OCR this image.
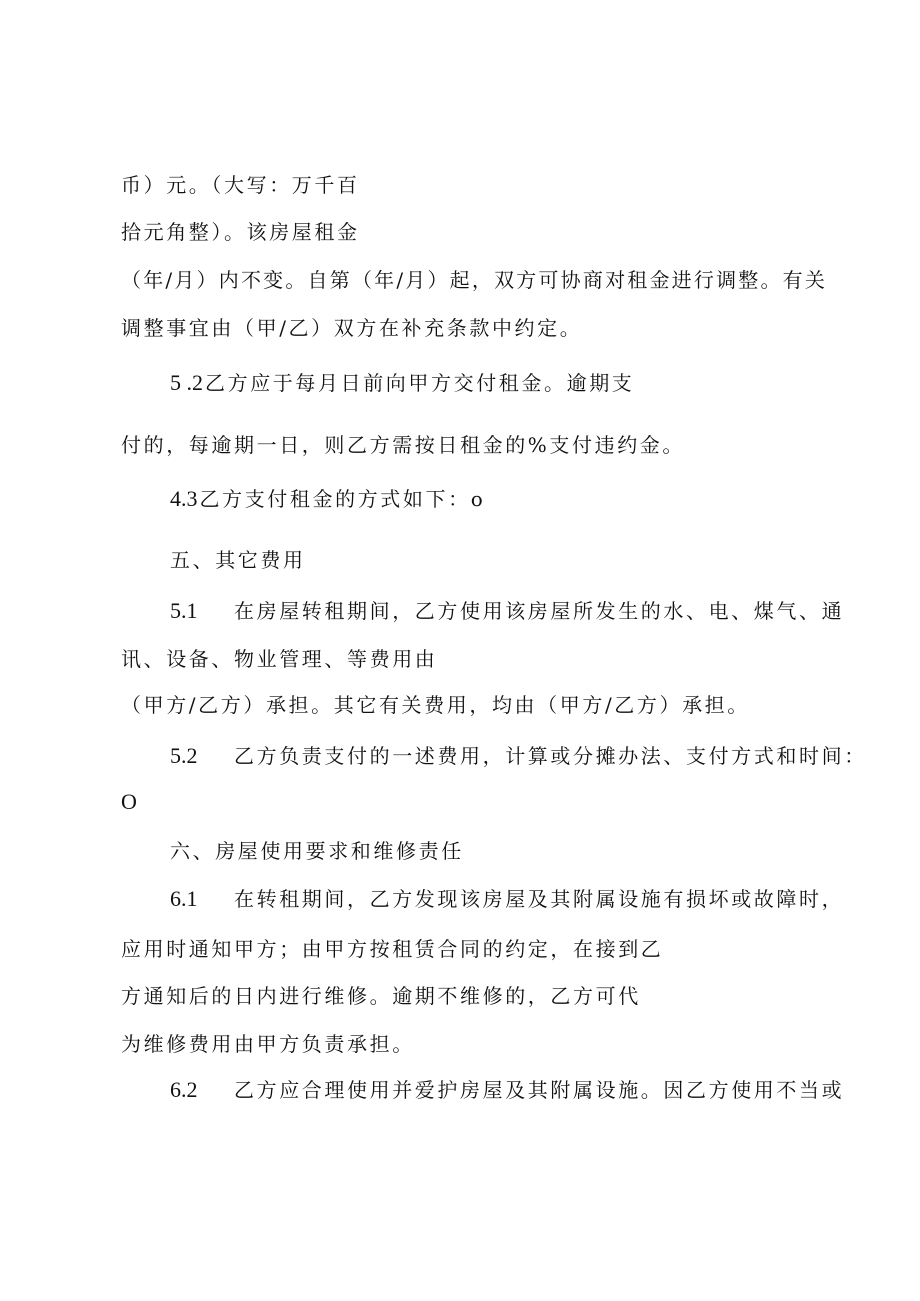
币）元。（大写：万千百
拾元角整）。该房屋租金
（年/月）内不变。自第（年/月）起，双方可协商对租金进行调整。有关
调整事宜由（甲/乙）双方在补充条款中约定。
5 .2 乙方应于每月日前向甲方交付租金。逾期支
付的，每逾期一日，则乙方需按日租金的%支付违约金。
4.3 乙方支付租金的方式如下：o
五、其它费用
5.1 在房屋转租期间，乙方使用该房屋所发生的水、电、煤气、通
讯、设备、物业管理、等费用由
（甲方/乙方）承担。其它有关费用，均由（甲方/乙方）承担。
5.2 乙方负责支付的一述费用，计算或分摊办法、支付方式和时间：
O
六、房屋使用要求和维修责任
6.1 在转租期间，乙方发现该房屋及其附属设施有损坏或故障时，
应用时通知甲方；由甲方按租赁合同的约定，在接到乙
方通知后的日内进行维修。逾期不维修的，乙方可代
为维修费用由甲方负责承担。
6.2 乙方应合理使用并爱护房屋及其附属设施。因乙方使用不当或
